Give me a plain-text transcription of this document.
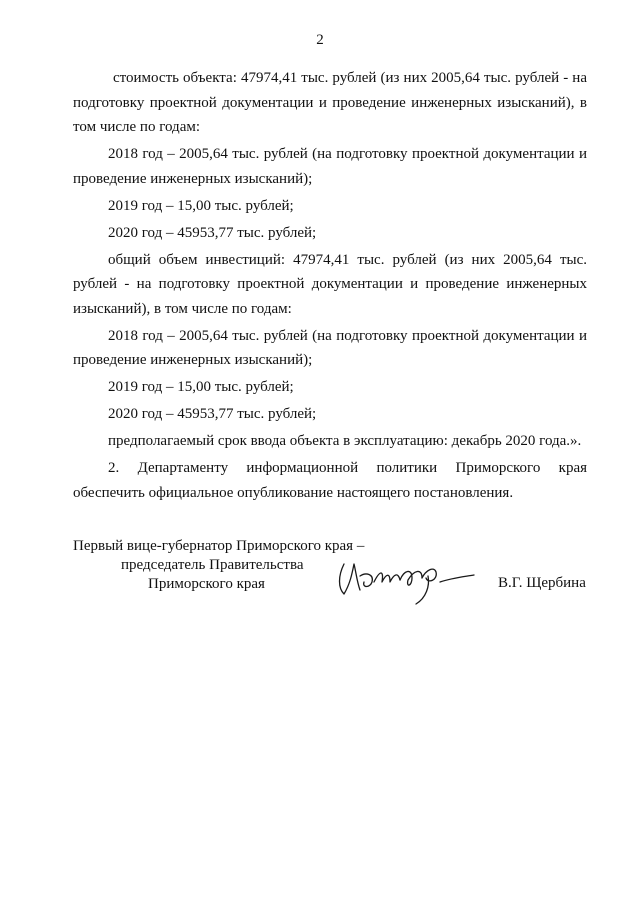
2

стоимость объекта: 47974,41 тыс. рублей (из них 2005,64 тыс. рублей - на подготовку проектной документации и проведение инженерных изысканий), в том числе по годам:

2018 год – 2005,64 тыс. рублей (на подготовку проектной документации и проведение инженерных изысканий);

2019 год – 15,00 тыс. рублей;

2020 год – 45953,77 тыс. рублей;

общий объем инвестиций: 47974,41 тыс. рублей (из них 2005,64 тыс. рублей - на подготовку проектной документации и проведение инженерных изысканий), в том числе по годам:

2018 год – 2005,64 тыс. рублей (на подготовку проектной документации и проведение инженерных изысканий);

2019 год – 15,00 тыс. рублей;

2020 год – 45953,77 тыс. рублей;

предполагаемый срок ввода объекта в эксплуатацию: декабрь 2020 года.».

2. Департаменту информационной политики Приморского края обеспечить официальное опубликование настоящего постановления.

Первый вице-губернатор Приморского края –
председатель Правительства
Приморского края	В.Г. Щербина
